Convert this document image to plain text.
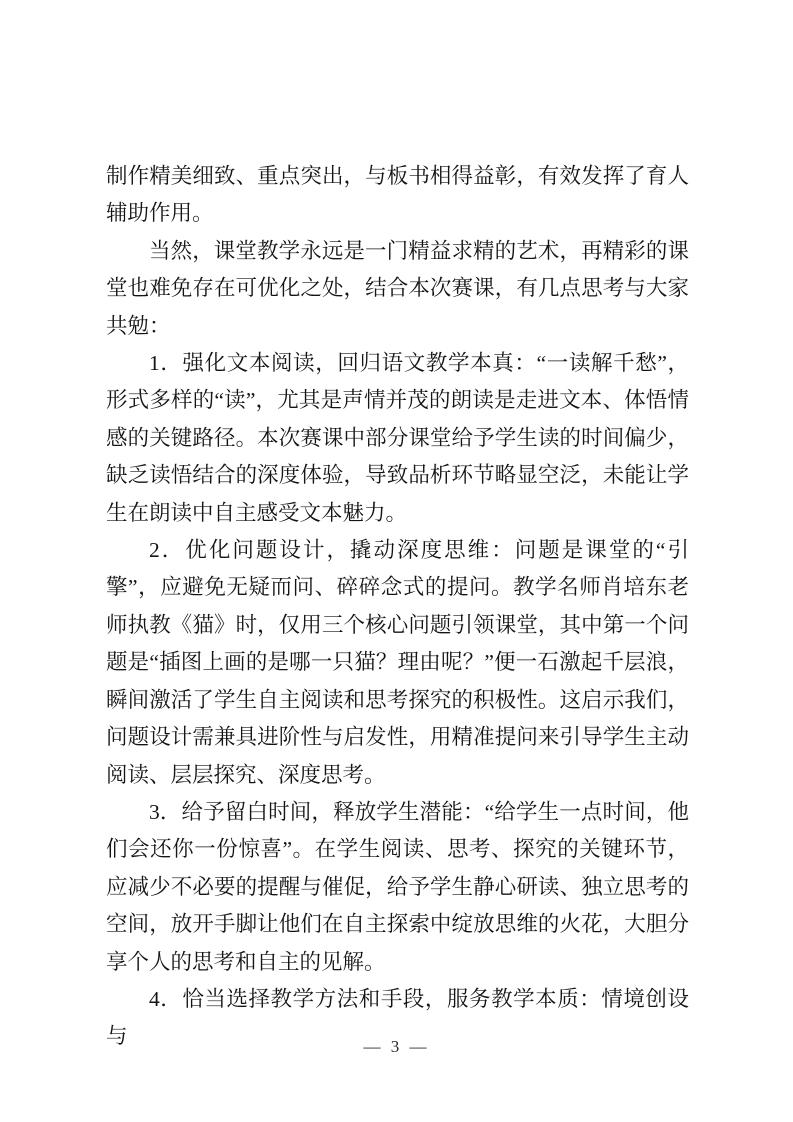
制作精美细致、重点突出，与板书相得益彰，有效发挥了育人辅助作用。

当然，课堂教学永远是一门精益求精的艺术，再精彩的课堂也难免存在可优化之处，结合本次赛课，有几点思考与大家共勉：

1．强化文本阅读，回归语文教学本真：“一读解千愁”，形式多样的“读”，尤其是声情并茂的朗读是走进文本、体悟情感的关键路径。本次赛课中部分课堂给予学生读的时间偏少，缺乏读悟结合的深度体验，导致品析环节略显空泛，未能让学生在朗读中自主感受文本魅力。

2．优化问题设计，撬动深度思维：问题是课堂的“引擎”，应避免无疑而问、碎碎念式的提问。教学名师肖培东老师执教《猫》时，仅用三个核心问题引领课堂，其中第一个问题是“插图上画的是哪一只猫？理由呢？”便一石激起千层浪，瞬间激活了学生自主阅读和思考探究的积极性。这启示我们，问题设计需兼具进阶性与启发性，用精准提问来引导学生主动阅读、层层探究、深度思考。

3．给予留白时间，释放学生潜能：“给学生一点时间，他们会还你一份惊喜”。在学生阅读、思考、探究的关键环节，应减少不必要的提醒与催促，给予学生静心研读、独立思考的空间，放开手脚让他们在自主探索中绽放思维的火花，大胆分享个人的思考和自主的见解。

4．恰当选择教学方法和手段，服务教学本质：情境创设与	— 3 —
